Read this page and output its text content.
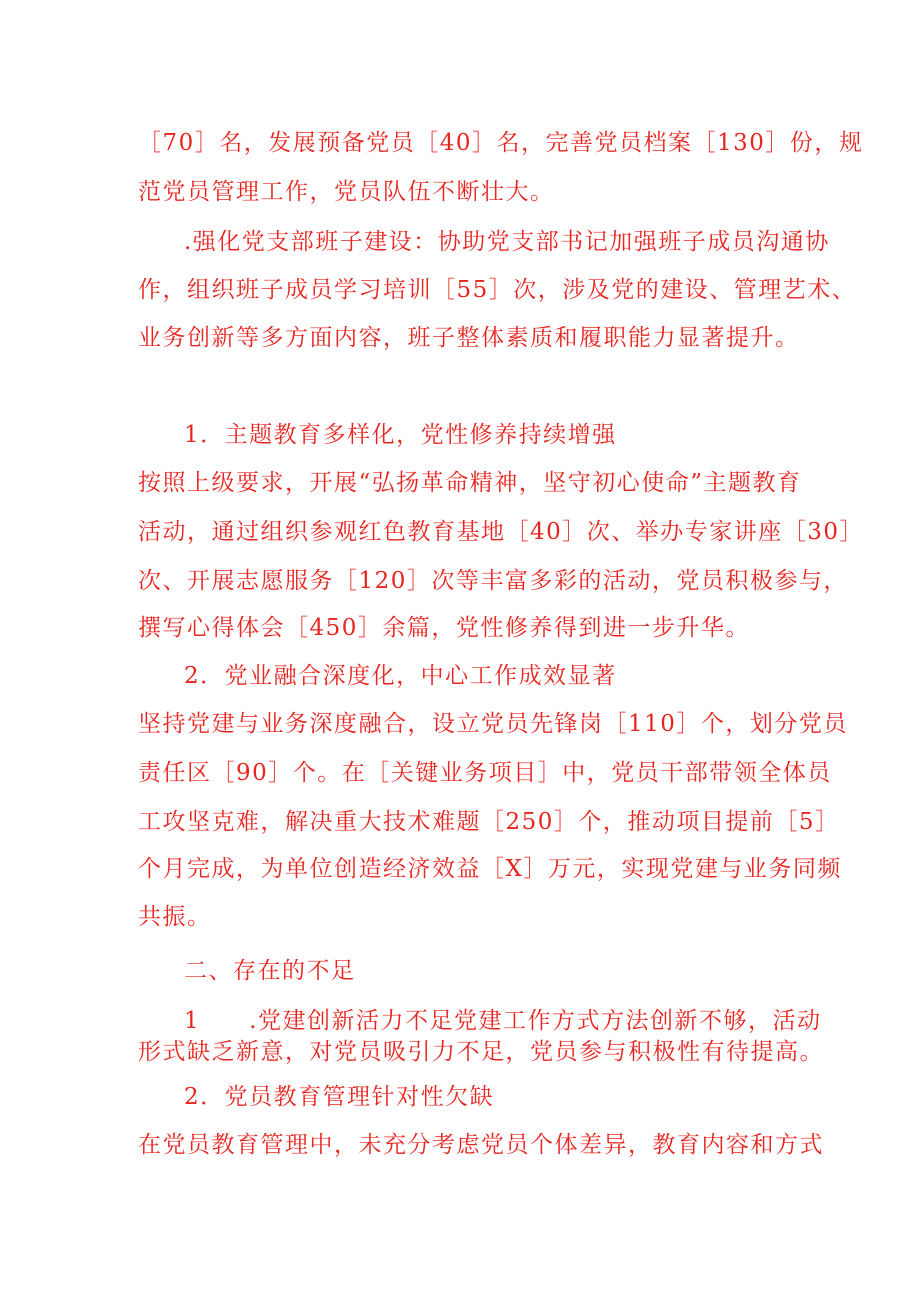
［70］名，发展预备党员［40］名，完善党员档案［130］份，规
范党员管理工作，党员队伍不断壮大。
.强化党支部班子建设：协助党支部书记加强班子成员沟通协
作，组织班子成员学习培训［55］次，涉及党的建设、管理艺术、
业务创新等多方面内容，班子整体素质和履职能力显著提升。
1．主题教育多样化，党性修养持续增强
按照上级要求，开展“弘扬革命精神，坚守初心使命”主题教育
活动，通过组织参观红色教育基地［40］次、举办专家讲座［30］
次、开展志愿服务［120］次等丰富多彩的活动，党员积极参与，
撰写心得体会［450］余篇，党性修养得到进一步升华。
2．党业融合深度化，中心工作成效显著
坚持党建与业务深度融合，设立党员先锋岗［110］个，划分党员
责任区［90］个。在［关键业务项目］中，党员干部带领全体员
工攻坚克难，解决重大技术难题［250］个，推动项目提前［5］
个月完成，为单位创造经济效益［X］万元，实现党建与业务同频
共振。
二、存在的不足
1　　.党建创新活力不足党建工作方式方法创新不够，活动
形式缺乏新意，对党员吸引力不足，党员参与积极性有待提高。
2．党员教育管理针对性欠缺
在党员教育管理中，未充分考虑党员个体差异，教育内容和方式
